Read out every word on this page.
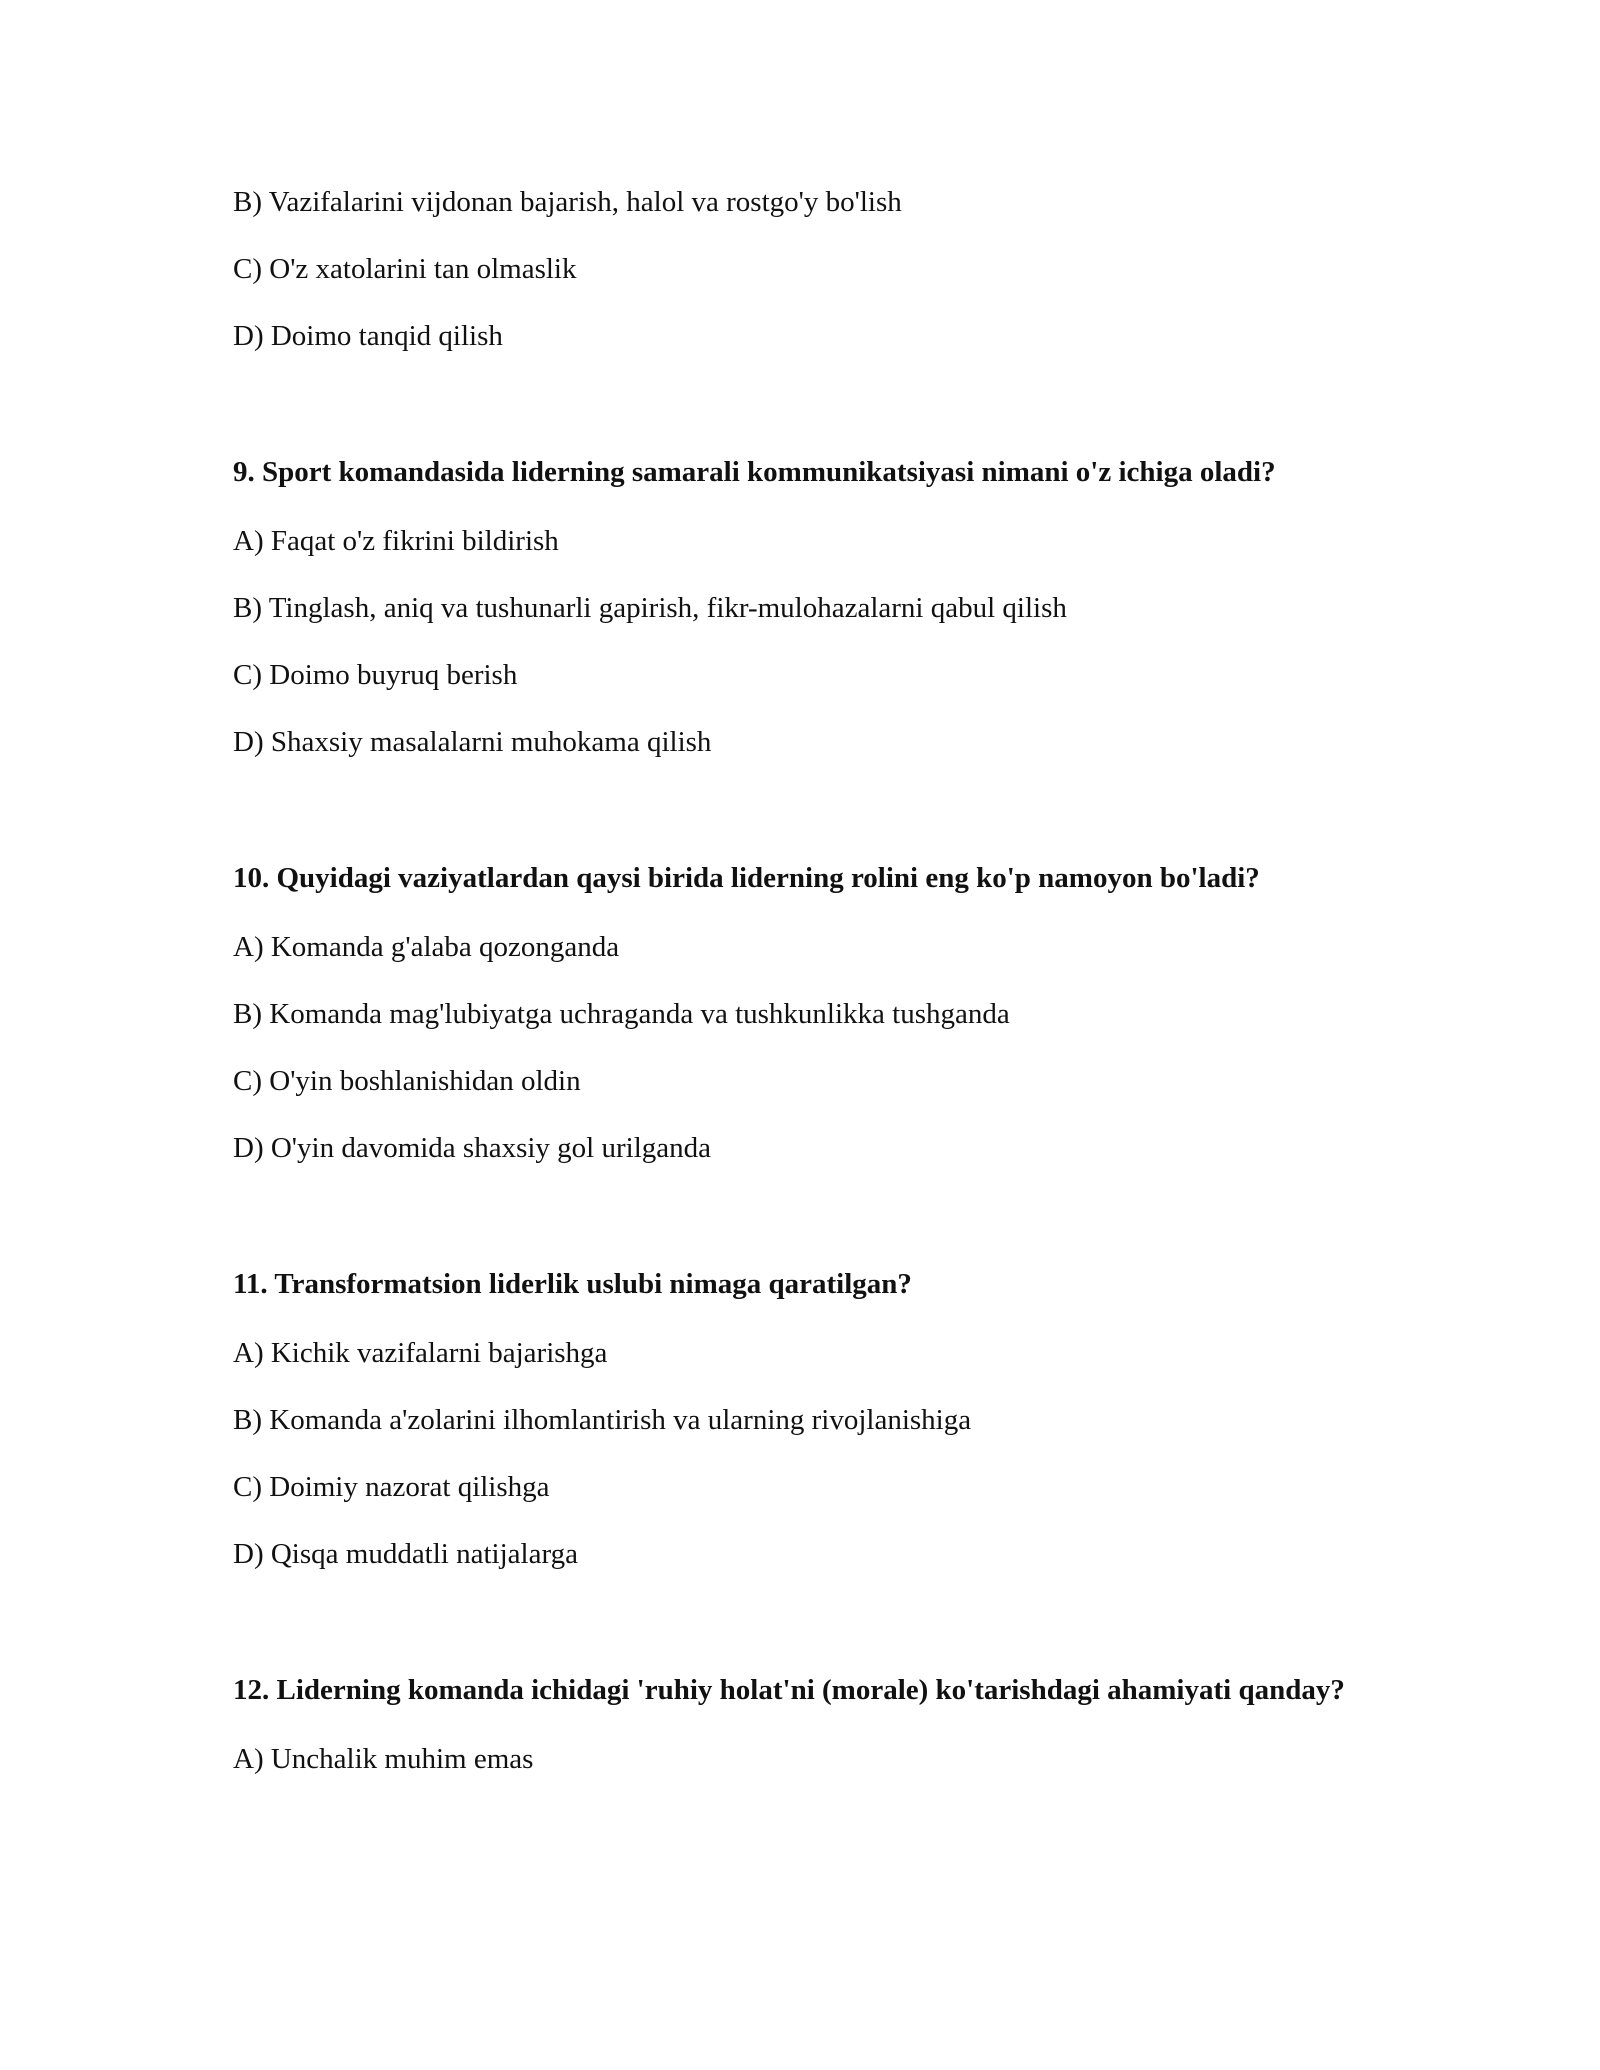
B) Vazifalarini vijdonan bajarish, halol va rostgo'y bo'lish
C) O'z xatolarini tan olmaslik
D) Doimo tanqid qilish
9. Sport komandasida liderning samarali kommunikatsiyasi nimani o'z ichiga oladi?
A) Faqat o'z fikrini bildirish
B) Tinglash, aniq va tushunarli gapirish, fikr-mulohazalarni qabul qilish
C) Doimo buyruq berish
D) Shaxsiy masalalarni muhokama qilish
10. Quyidagi vaziyatlardan qaysi birida liderning rolini eng ko'p namoyon bo'ladi?
A) Komanda g'alaba qozonganda
B) Komanda mag'lubiyatga uchraganda va tushkunlikka tushganda
C) O'yin boshlanishidan oldin
D) O'yin davomida shaxsiy gol urilganda
11. Transformatsion liderlik uslubi nimaga qaratilgan?
A) Kichik vazifalarni bajarishga
B) Komanda a'zolarini ilhomlantirish va ularning rivojlanishiga
C) Doimiy nazorat qilishga
D) Qisqa muddatli natijalarga
12. Liderning komanda ichidagi 'ruhiy holat'ni (morale) ko'tarishdagi ahamiyati qanday?
A) Unchalik muhim emas
